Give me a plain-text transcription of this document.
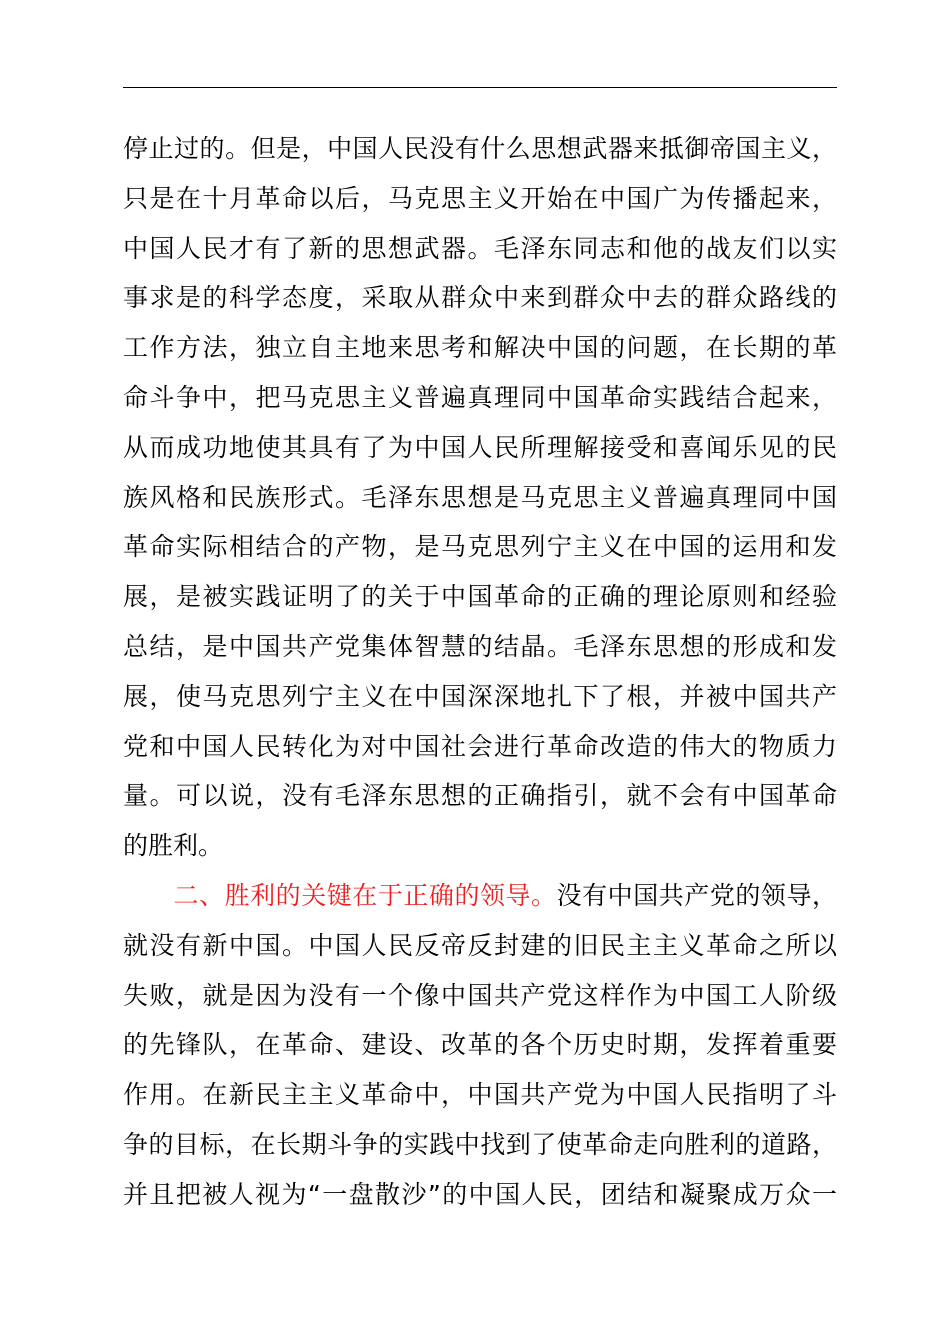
停止过的。但是，中国人民没有什么思想武器来抵御帝国主义，
只是在十月革命以后，马克思主义开始在中国广为传播起来，
中国人民才有了新的思想武器。毛泽东同志和他的战友们以实
事求是的科学态度，采取从群众中来到群众中去的群众路线的
工作方法，独立自主地来思考和解决中国的问题，在长期的革
命斗争中，把马克思主义普遍真理同中国革命实践结合起来，
从而成功地使其具有了为中国人民所理解接受和喜闻乐见的民
族风格和民族形式。毛泽东思想是马克思主义普遍真理同中国
革命实际相结合的产物，是马克思列宁主义在中国的运用和发
展，是被实践证明了的关于中国革命的正确的理论原则和经验
总结，是中国共产党集体智慧的结晶。毛泽东思想的形成和发
展，使马克思列宁主义在中国深深地扎下了根，并被中国共产
党和中国人民转化为对中国社会进行革命改造的伟大的物质力
量。可以说，没有毛泽东思想的正确指引，就不会有中国革命
的胜利。
二、胜利的关键在于正确的领导。没有中国共产党的领导，
就没有新中国。中国人民反帝反封建的旧民主主义革命之所以
失败，就是因为没有一个像中国共产党这样作为中国工人阶级
的先锋队，在革命、建设、改革的各个历史时期，发挥着重要
作用。在新民主主义革命中，中国共产党为中国人民指明了斗
争的目标，在长期斗争的实践中找到了使革命走向胜利的道路，
并且把被人视为“一盘散沙”的中国人民，团结和凝聚成万众一
